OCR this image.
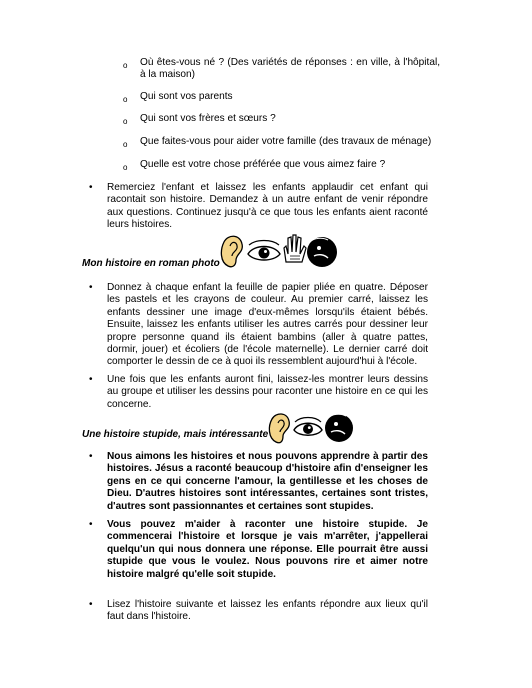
o Où êtes-vous né ? (Des variétés de réponses : en ville, à l'hôpital, à la maison)
o Qui sont vos parents
o Qui sont vos frères et sœurs ?
o Que faites-vous pour aider votre famille (des travaux de ménage)
o Quelle est votre chose préférée que vous aimez faire ?
• Remerciez l'enfant et laissez les enfants applaudir cet enfant qui racontait son histoire. Demandez à un autre enfant de venir répondre aux questions. Continuez jusqu'à ce que tous les enfants aient raconté leurs histoires.
Mon histoire en roman photo
• Donnez à chaque enfant la feuille de papier pliée en quatre. Déposer les pastels et les crayons de couleur. Au premier carré, laissez les enfants dessiner une image d'eux-mêmes lorsqu'ils étaient bébés. Ensuite, laissez les enfants utiliser les autres carrés pour dessiner leur propre personne quand ils étaient bambins (aller à quatre pattes, dormir, jouer) et écoliers (de l'école maternelle). Le dernier carré doit comporter le dessin de ce à quoi ils ressemblent aujourd'hui à l'école.
• Une fois que les enfants auront fini, laissez-les montrer leurs dessins au groupe et utiliser les dessins pour raconter une histoire en ce qui les concerne.
Une histoire stupide, mais intéressante
• Nous aimons les histoires et nous pouvons apprendre à partir des histoires. Jésus a raconté beaucoup d'histoire afin d'enseigner les gens en ce qui concerne l'amour, la gentillesse et les choses de Dieu. D'autres histoires sont intéressantes, certaines sont tristes, d'autres sont passionnantes et certaines sont stupides.
• Vous pouvez m'aider à raconter une histoire stupide. Je commencerai l'histoire et lorsque je vais m'arrêter, j'appellerai quelqu'un qui nous donnera une réponse. Elle pourrait être aussi stupide que vous le voulez. Nous pouvons rire et aimer notre histoire malgré qu'elle soit stupide.
• Lisez l'histoire suivante et laissez les enfants répondre aux lieux qu'il faut dans l'histoire.
